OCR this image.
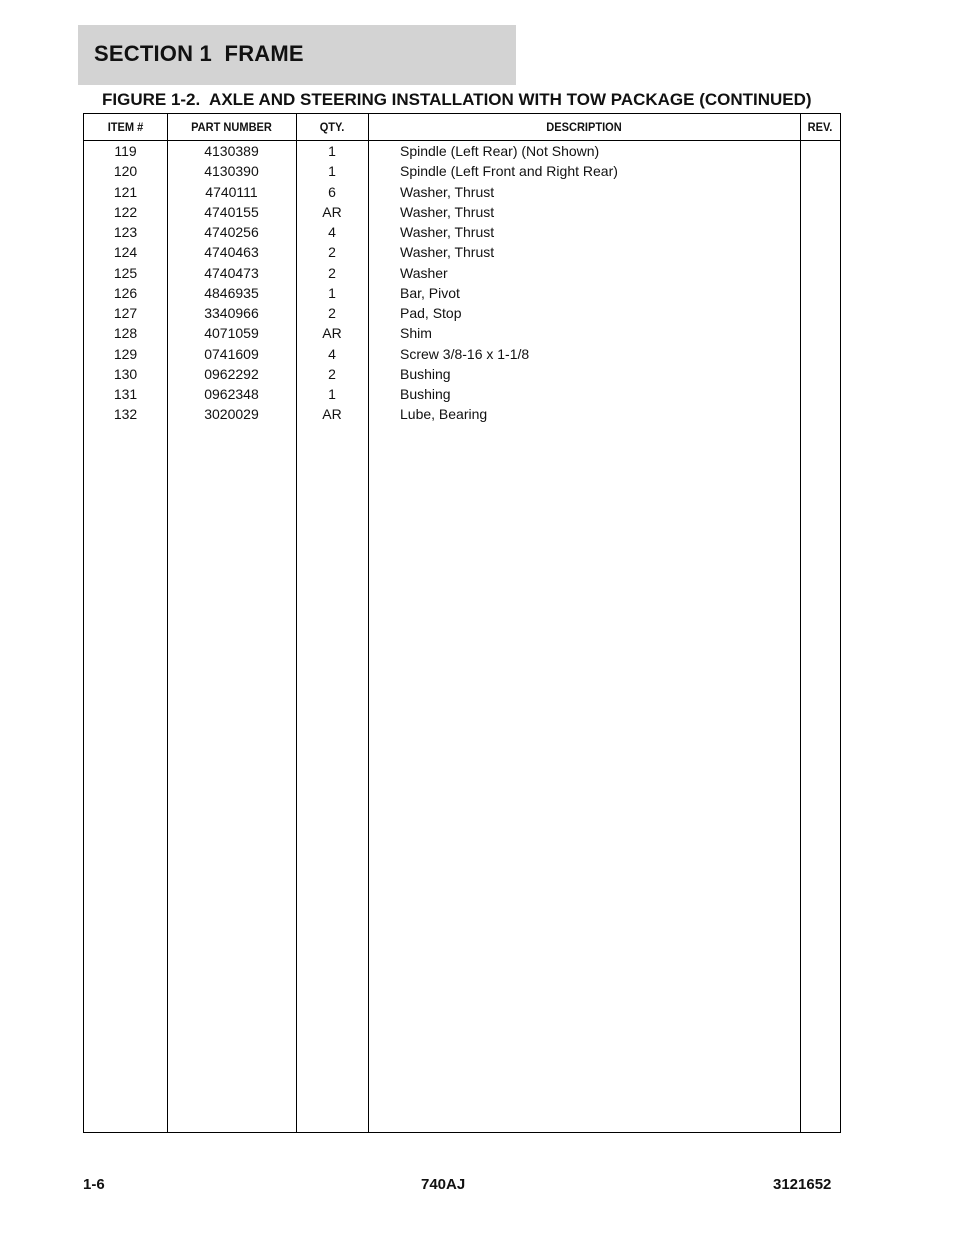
SECTION 1  FRAME
FIGURE 1-2.  AXLE AND STEERING INSTALLATION WITH TOW PACKAGE (CONTINUED)
ITEM #	PART NUMBER	QTY.	DESCRIPTION	REV.
119	4130389	1	Spindle (Left Rear) (Not Shown)
120	4130390	1	Spindle (Left Front and Right Rear)
121	4740111	6	Washer, Thrust
122	4740155	AR	Washer, Thrust
123	4740256	4	Washer, Thrust
124	4740463	2	Washer, Thrust
125	4740473	2	Washer
126	4846935	1	Bar, Pivot
127	3340966	2	Pad, Stop
128	4071059	AR	Shim
129	0741609	4	Screw 3/8-16 x 1-1/8
130	0962292	2	Bushing
131	0962348	1	Bushing
132	3020029	AR	Lube, Bearing
1-6	740AJ	3121652
